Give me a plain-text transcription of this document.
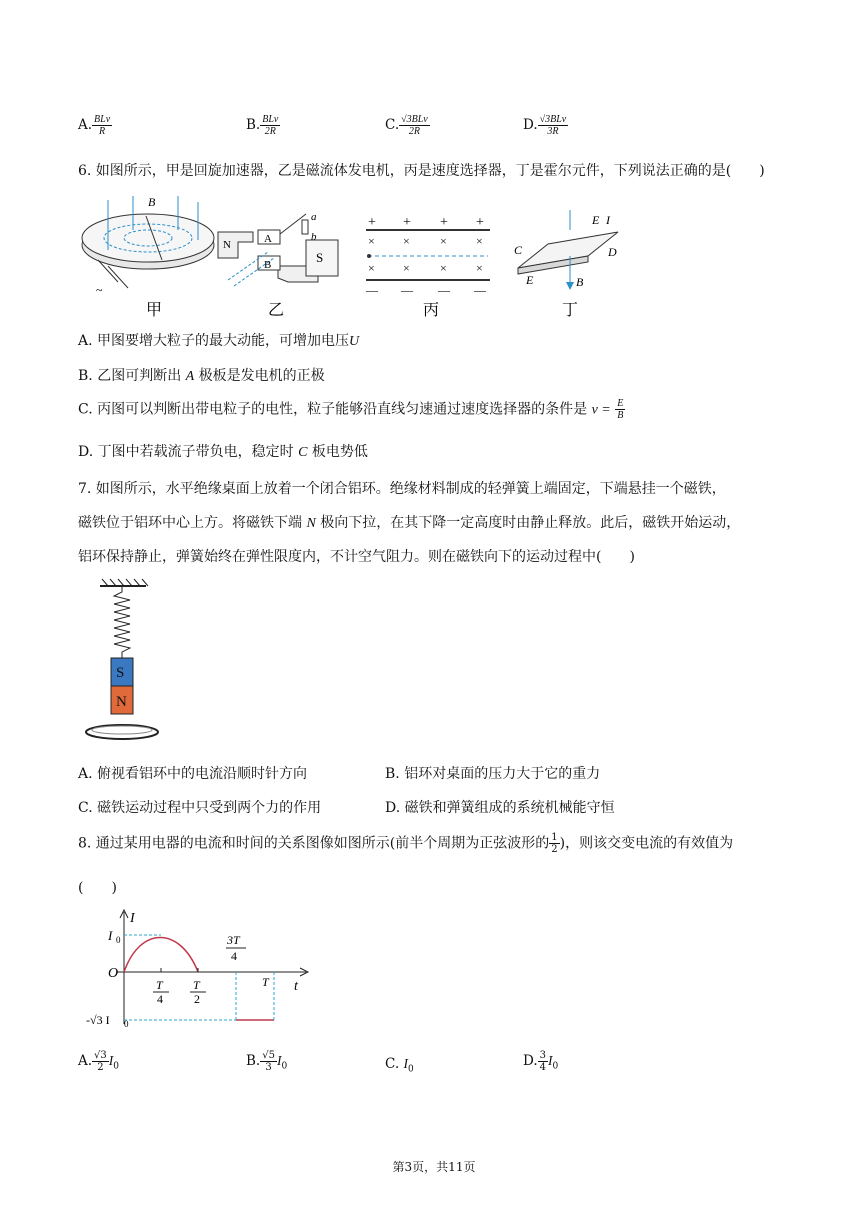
A. $\frac{\text{BLv}}{R}$	B. $\frac{\text{BLv}}{2R}$	C. $\frac{\text{√3BLv}}{2R}$	D. $\frac{\text{√3BLv}}{3R}$
6. 如图所示，甲是回旋加速器，乙是磁流体发电机，丙是速度选择器，丁是霍尔元件，下列说法正确的是(　　)
B
~
甲
a
b
N	A
B	S
乙
+ + + +
× ×	× ×
× ×	× ×
— — — —
丙
E I
C	D
E	B
丁
A. 甲图要增大粒子的最大动能，可增加电压U
B. 乙图可判断出 A 极板是发电机的正极
C. 丙图可以判断出带电粒子的电性，粒子能够沿直线匀速通过速度选择器的条件是 $v = \frac{E}{B}$
D. 丁图中若载流子带负电，稳定时 C 板电势低
7. 如图所示，水平绝缘桌面上放着一个闭合铝环。绝缘材料制成的轻弹簧上端固定，下端悬挂一个磁铁，
磁铁位于铝环中心上方。将磁铁下端 N 极向下拉，在其下降一定高度时由静止释放。此后，磁铁开始运动，
铝环保持静止，弹簧始终在弹性限度内，不计空气阻力。则在磁铁向下的运动过程中(　　)
S
N
A. 俯视看铝环中的电流沿顺时针方向	B. 铝环对桌面的压力大于它的重力
C. 磁铁运动过程中只受到两个力的作用	D. 磁铁和弹簧组成的系统机械能守恒
8. 通过某用电器的电流和时间的关系图像如图所示(前半个周期为正弦波形的 $\frac{1}{2}$ )，则该交变电流的有效值为
(　　)
I
t
O
I 0
-√3 I 0
T
4
T
2
3T
4
T
A. $\frac{√3}{2} I_0$	B. $\frac{√5}{3} I_0$	C. $I_0$
D. $\frac{3}{4} I_0$
第3页，共11页
